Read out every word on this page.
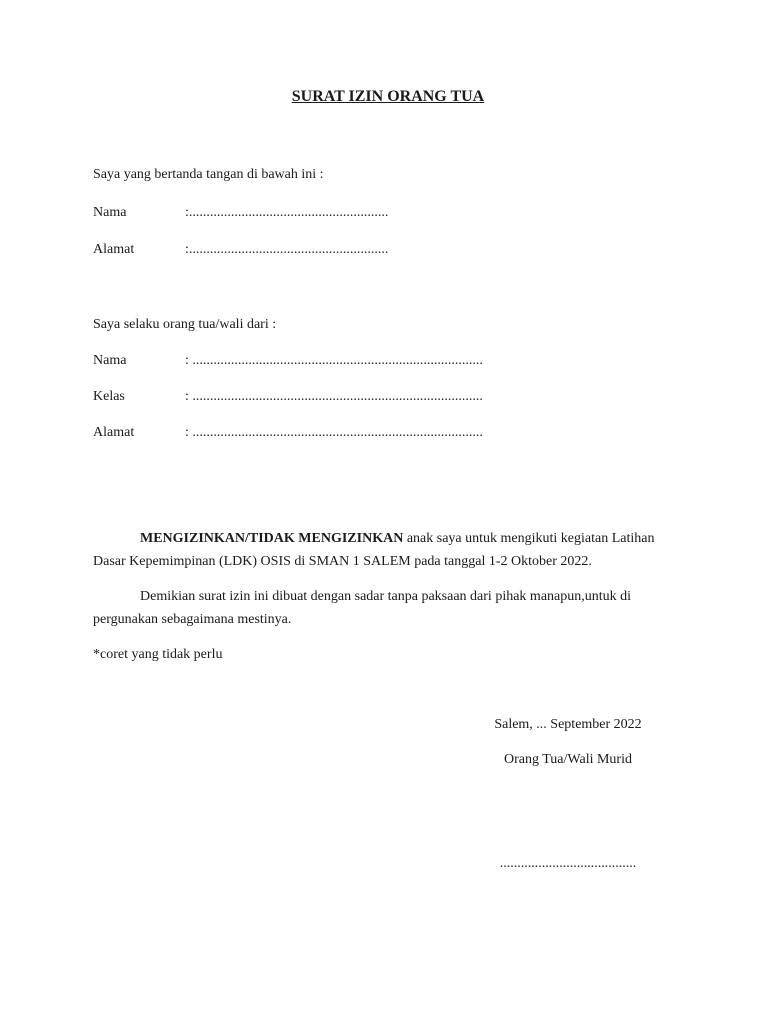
SURAT IZIN ORANG TUA
Saya yang bertanda tangan di bawah ini :
Nama	:.........................................................
Alamat	:.........................................................
Saya selaku orang tua/wali dari :
Nama	: ...................................................................................
Kelas	: ...................................................................................
Alamat	: ...................................................................................
MENGIZINKAN/TIDAK MENGIZINKAN anak saya untuk mengikuti kegiatan Latihan Dasar Kepemimpinan (LDK) OSIS di SMAN 1 SALEM pada tanggal 1-2 Oktober 2022.
Demikian surat izin ini dibuat dengan sadar tanpa paksaan dari pihak manapun,untuk di pergunakan sebagaimana mestinya.
*coret yang tidak perlu
Salem, ... September 2022
Orang Tua/Wali Murid
.......................................
